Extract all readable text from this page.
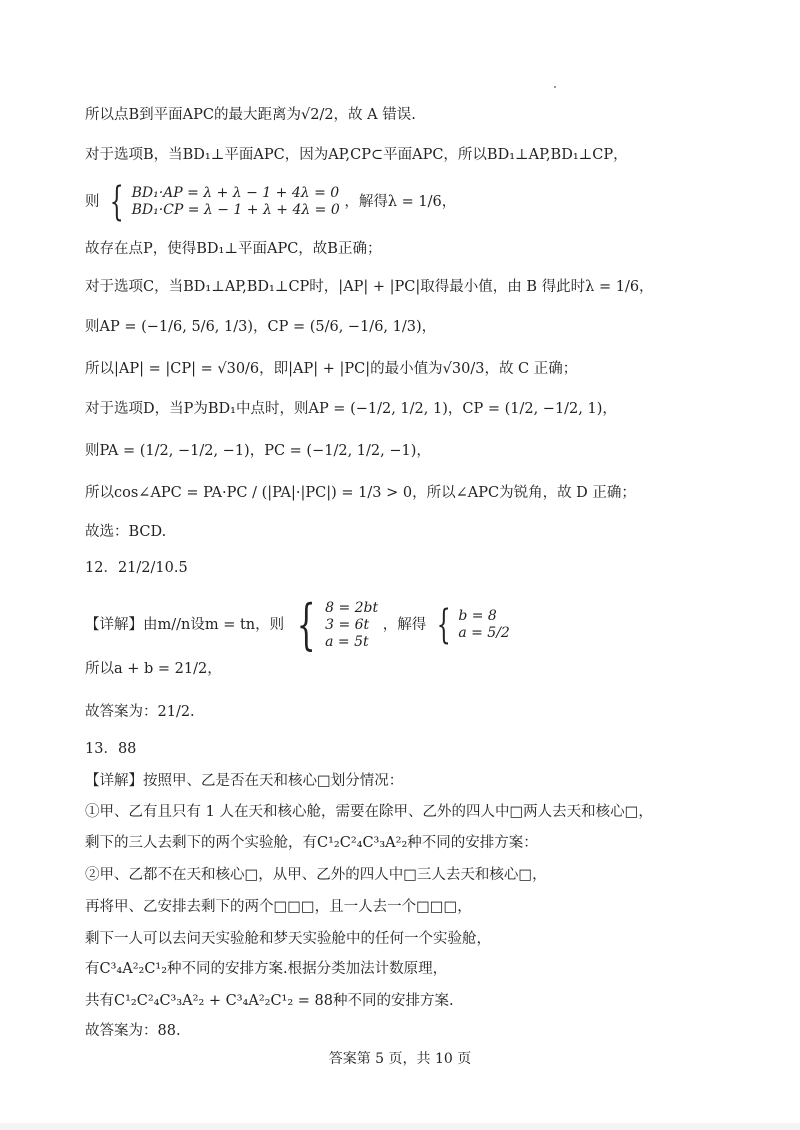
所以点B到平面APC的最大距离为√2/2，故 A 错误.
对于选项B，当BD₁⊥平面APC，因为AP,CP⊂平面APC，所以BD₁⊥AP,BD₁⊥CP，
则 { BD₁·AP = λ + λ − 1 + 4λ = 0
BD₁·CP = λ − 1 + λ + 4λ = 0 ，解得λ = 1/6，
故存在点P，使得BD₁⊥平面APC，故B正确；
对于选项C，当BD₁⊥AP,BD₁⊥CP时，|AP| + |PC|取得最小值，由 B 得此时λ = 1/6，
则AP = (−1/6, 5/6, 1/3)，CP = (5/6, −1/6, 1/3)，
所以|AP| = |CP| = √30/6，即|AP| + |PC|的最小值为√30/3，故 C 正确；
对于选项D，当P为BD₁中点时，则AP = (−1/2, 1/2, 1)，CP = (1/2, −1/2, 1)，
则PA = (1/2, −1/2, −1)，PC = (−1/2, 1/2, −1)，
所以cos∠APC = PA·PC / (|PA|·|PC|) = 1/3 > 0，所以∠APC为锐角，故 D 正确；
故选：BCD.
12．21/2/10.5
【详解】由m//n设m = tn，则 { 8 = 2bt
3 = 6t
a = 5t
，解得 { b = 8
a = 5/2
所以a + b = 21/2，
故答案为：21/2.
13．88
【详解】按照甲、乙是否在天和核心□划分情况：
①甲、乙有且只有 1 人在天和核心舱，需要在除甲、乙外的四人中□两人去天和核心□，
剩下的三人去剩下的两个实验舱，有C¹₂C²₄C³₃A²₂种不同的安排方案：
②甲、乙都不在天和核心□，从甲、乙外的四人中□三人去天和核心□，
再将甲、乙安排去剩下的两个□□□，且一人去一个□□□，
剩下一人可以去问天实验舱和梦天实验舱中的任何一个实验舱，
有C³₄A²₂C¹₂种不同的安排方案.根据分类加法计数原理，
共有C¹₂C²₄C³₃A²₂ + C³₄A²₂C¹₂ = 88种不同的安排方案.
故答案为：88.
答案第 5 页，共 10 页
